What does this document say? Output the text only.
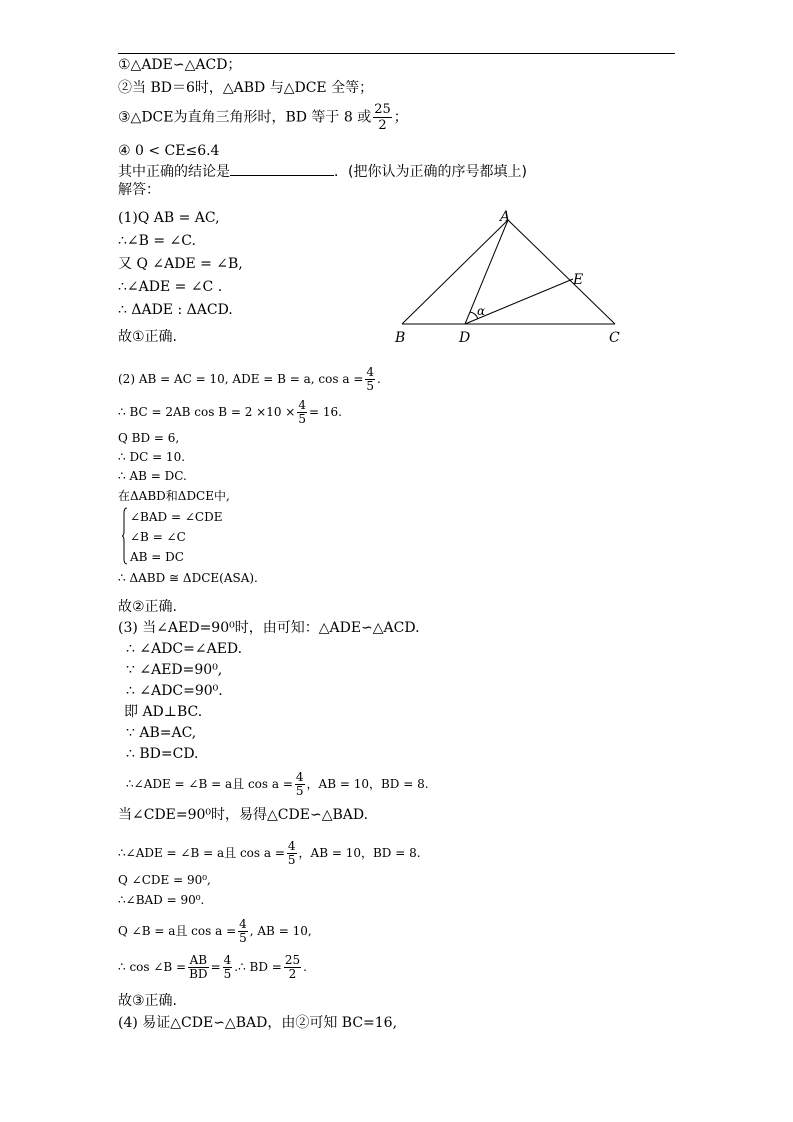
①△ADE∽△ACD；
②当 BD＝6时，△ABD 与△DCE 全等；
③△DCE为直角三角形时，BD 等于 8 或 $\frac{25}{2}$ ；
④ 0 < CE≤6.4
其中正确的结论是	．(把你认为正确的序号都填上)
解答：
(1)Q AB = AC,
∴∠B = ∠C.
又 Q ∠ADE = ∠B,
∴∠ADE = ∠C .
∴ ΔADE : ΔACD.
故①正确.
A
B	C
D
E
α
(2) AB = AC = 10, ADE = B = a, $\cos a = \frac{4}{5}$ .
∴ BC = 2AB $\cos B = 2 \times 10 \times \frac{4}{5} = 16$.
Q BD = 6,
∴ DC = 10.
∴ AB = DC.
在ΔABD和ΔDCE中,
∠BAD = ∠CDE
∠B = ∠C
AB = DC
∴ ΔABD ≅ ΔDCE(ASA).
故②正确.
(3) 当∠AED=90⁰时，由可知：△ADE∽△ACD.
∴ ∠ADC=∠AED.
∵ ∠AED=90⁰,
∴ ∠ADC=90⁰.
即 AD⊥BC.
∵ AB=AC,
∴ BD=CD.
∴∠ADE = ∠B = a且 $\cos a = \frac{4}{5}$ ，AB = 10，BD = 8.
当∠CDE=90⁰时，易得△CDE∽△BAD.
∴∠ADE = ∠B = a且 $\cos a = \frac{4}{5}$ ，AB = 10，BD = 8.
Q ∠CDE = 90⁰,
∴∠BAD = 90⁰.
Q ∠B = a且 $\cos a = \frac{4}{5}$ , AB = 10,
∴ cos ∠B = $\frac{AB}{BD} = \frac{4}{5}$ .∴ BD = $\frac{25}{2}$ .
故③正确.
(4) 易证△CDE∽△BAD，由②可知 BC=16,
